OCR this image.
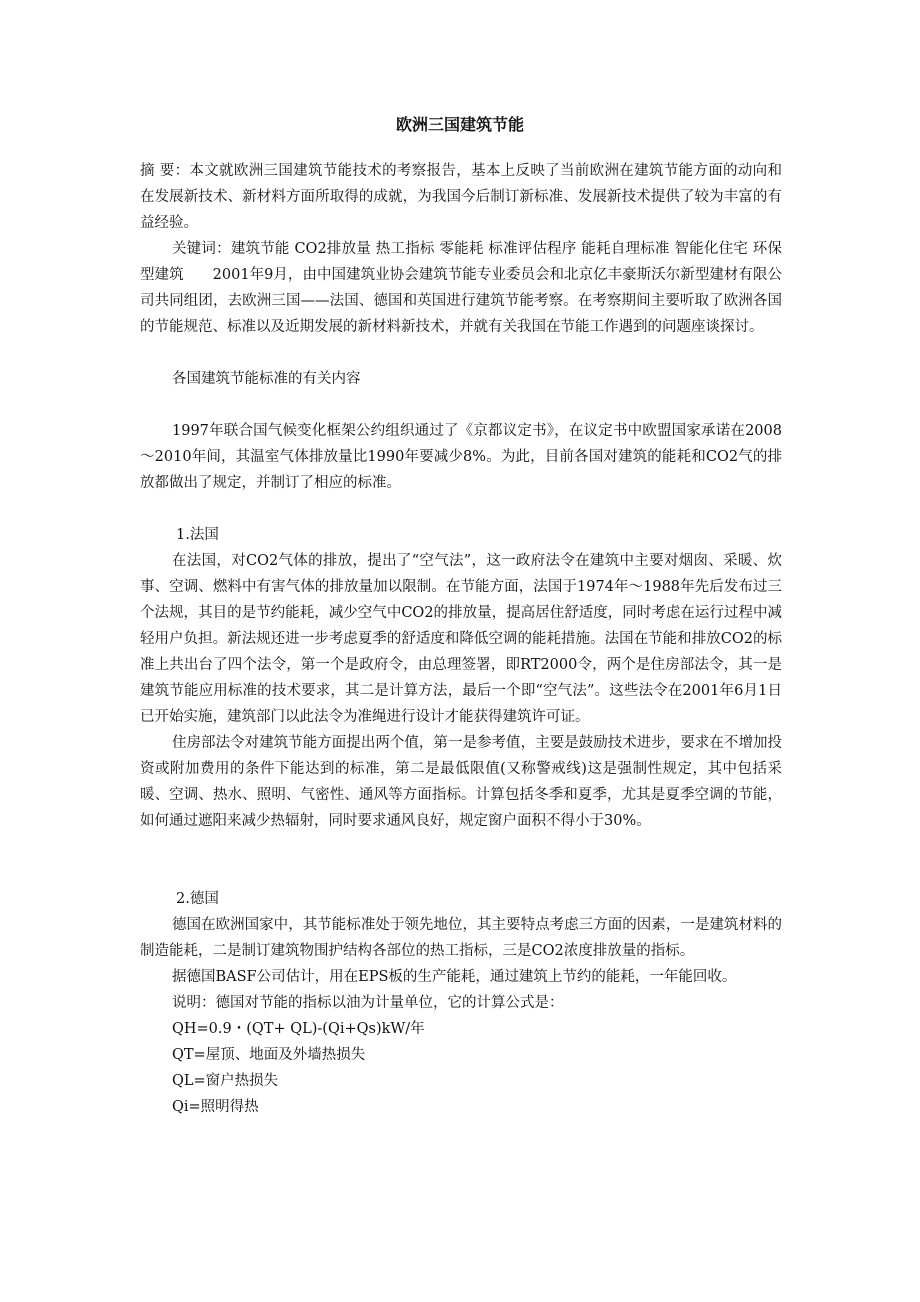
欧洲三国建筑节能

摘 要：本文就欧洲三国建筑节能技术的考察报告，基本上反映了当前欧洲在建筑节能方面的动向和在发展新技术、新材料方面所取得的成就，为我国今后制订新标准、发展新技术提供了较为丰富的有益经验。

关键词：建筑节能 CO2排放量 热工指标 零能耗 标准评估程序 能耗自理标准 智能化住宅 环保型建筑　　2001年9月，由中国建筑业协会建筑节能专业委员会和北京亿丰豪斯沃尔新型建材有限公司共同组团，去欧洲三国——法国、德国和英国进行建筑节能考察。在考察期间主要听取了欧洲各国的节能规范、标准以及近期发展的新材料新技术，并就有关我国在节能工作遇到的问题座谈探讨。

各国建筑节能标准的有关内容

1997年联合国气候变化框架公约组织通过了《京都议定书》，在议定书中欧盟国家承诺在2008～2010年间，其温室气体排放量比1990年要减少8%。为此，目前各国对建筑的能耗和CO2气的排放都做出了规定，并制订了相应的标准。

1.法国

在法国，对CO2气体的排放，提出了“空气法”，这一政府法令在建筑中主要对烟囱、采暖、炊事、空调、燃料中有害气体的排放量加以限制。在节能方面，法国于1974年～1988年先后发布过三个法规，其目的是节约能耗，减少空气中CO2的排放量，提高居住舒适度，同时考虑在运行过程中减轻用户负担。新法规还进一步考虑夏季的舒适度和降低空调的能耗措施。法国在节能和排放CO2的标准上共出台了四个法令，第一个是政府令，由总理签署，即RT2000令，两个是住房部法令，其一是建筑节能应用标准的技术要求，其二是计算方法，最后一个即“空气法”。这些法令在2001年6月1日已开始实施，建筑部门以此法令为准绳进行设计才能获得建筑许可证。

住房部法令对建筑节能方面提出两个值，第一是参考值，主要是鼓励技术进步，要求在不增加投资或附加费用的条件下能达到的标准，第二是最低限值(又称警戒线)这是强制性规定，其中包括采暖、空调、热水、照明、气密性、通风等方面指标。计算包括冬季和夏季，尤其是夏季空调的节能，如何通过遮阳来减少热辐射，同时要求通风良好，规定窗户面积不得小于30%。

2.德国

德国在欧洲国家中，其节能标准处于领先地位，其主要特点考虑三方面的因素，一是建筑材料的制造能耗，二是制订建筑物围护结构各部位的热工指标，三是CO2浓度排放量的指标。

据德国BASF公司估计，用在EPS板的生产能耗，通过建筑上节约的能耗，一年能回收。

说明：德国对节能的指标以油为计量单位，它的计算公式是：

QH=0.9・(QT+ QL)-(Qi+Qs)kW/年

QT=屋顶、地面及外墙热损失

QL=窗户热损失

Qi=照明得热
